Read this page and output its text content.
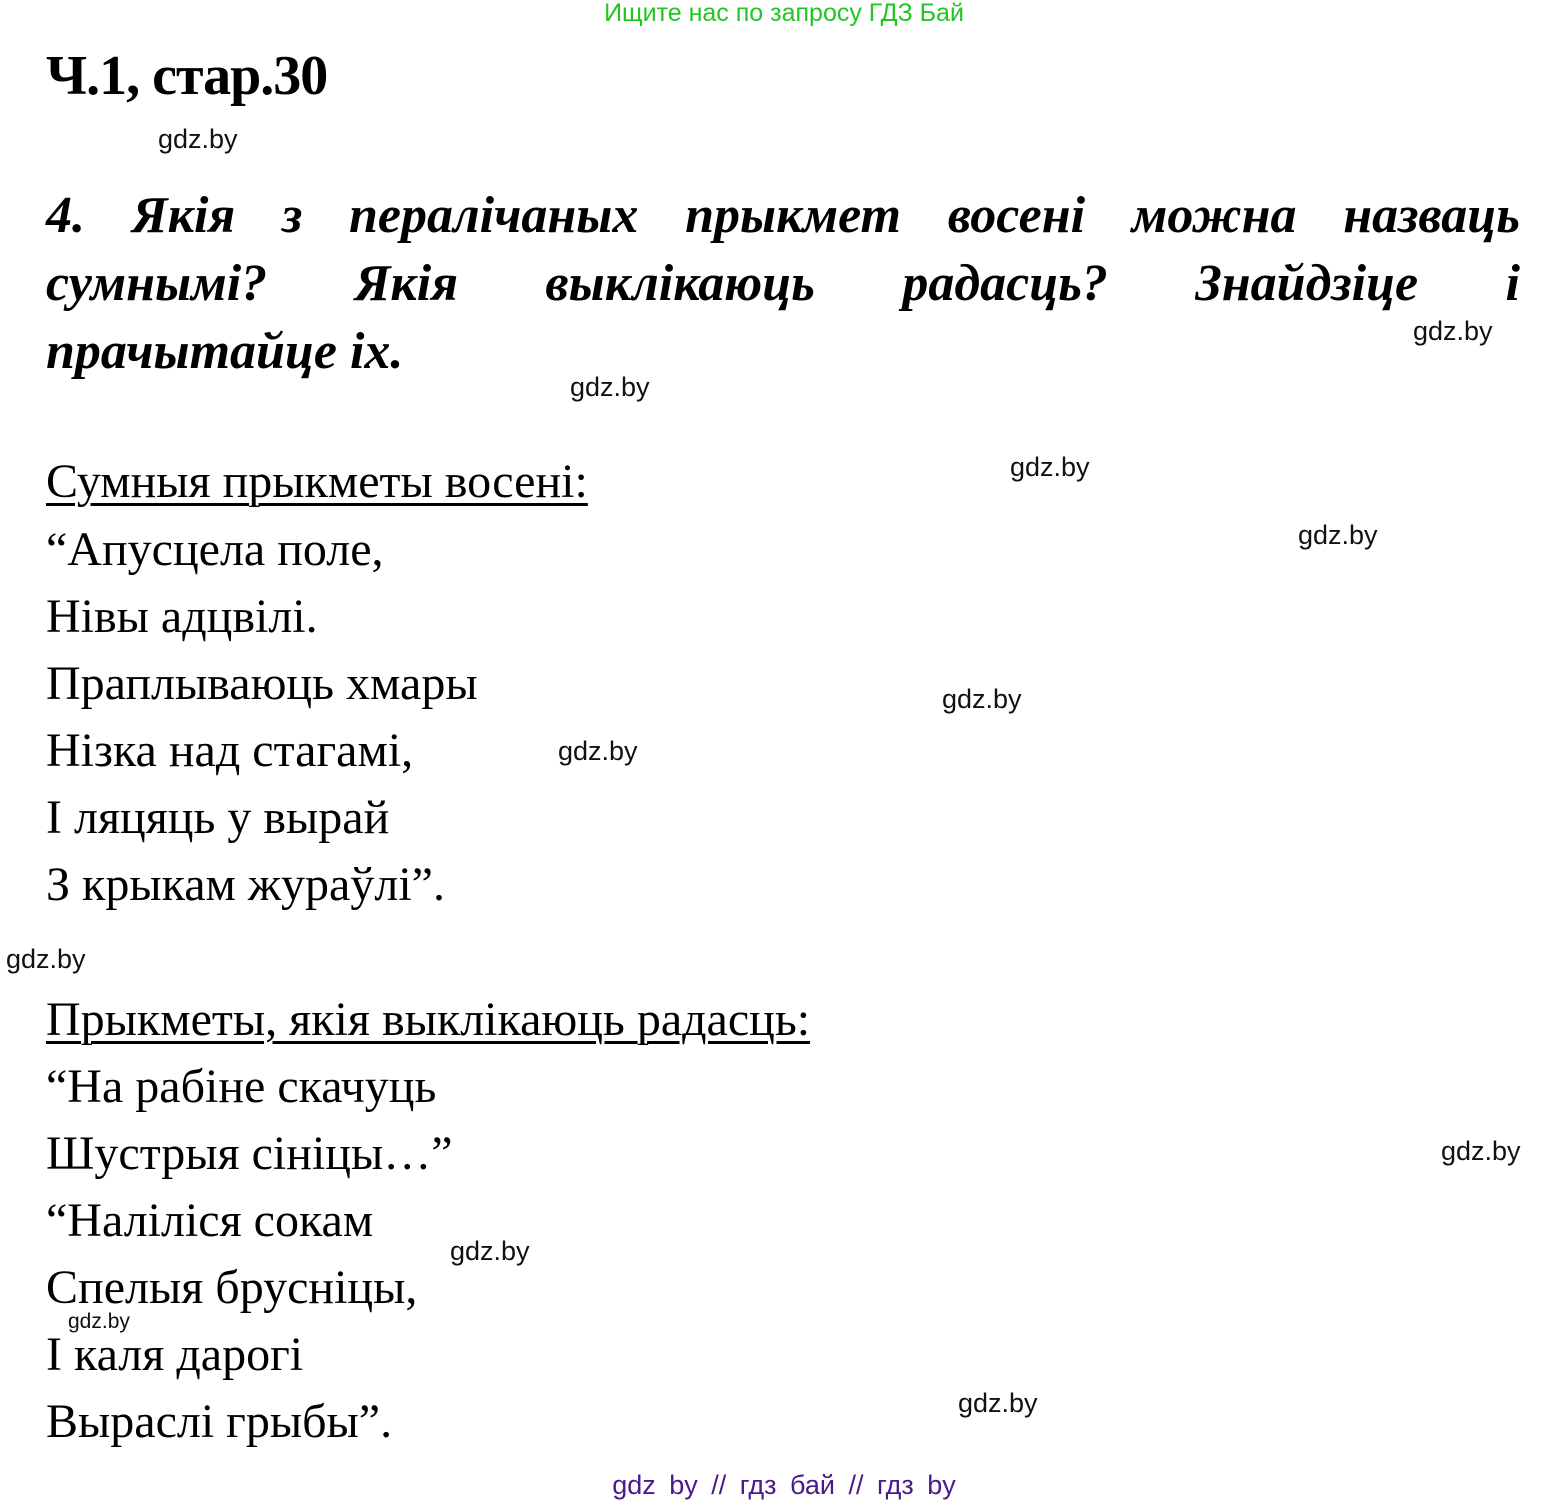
Ищите нас по запросу ГДЗ Бай
Ч.1, стар.30
4. Якія з пералічаных прыкмет восені можна назваць
сумнымі? Якія выклікаюць радасць? Знайдзіце і
прачытайце іх.
Сумныя прыкметы восені:
“Апусцела поле,
Нівы адцвілі.
Праплываюць хмары
Нізка над стагамі,
І ляцяць у вырай
З крыкам жураўлі”.
Прыкметы, якія выклікаюць радасць:
“На рабіне скачуць
Шустрыя сініцы…”
“Наліліся сокам
Спелыя брусніцы,
І каля дарогі
Выраслі грыбы”.
gdz.by
gdz.by
gdz.by
gdz.by
gdz.by
gdz.by
gdz.by
gdz.by
gdz.by
gdz.by
gdz.by
gdz.by
gdz by // гдз бай // гдз by
